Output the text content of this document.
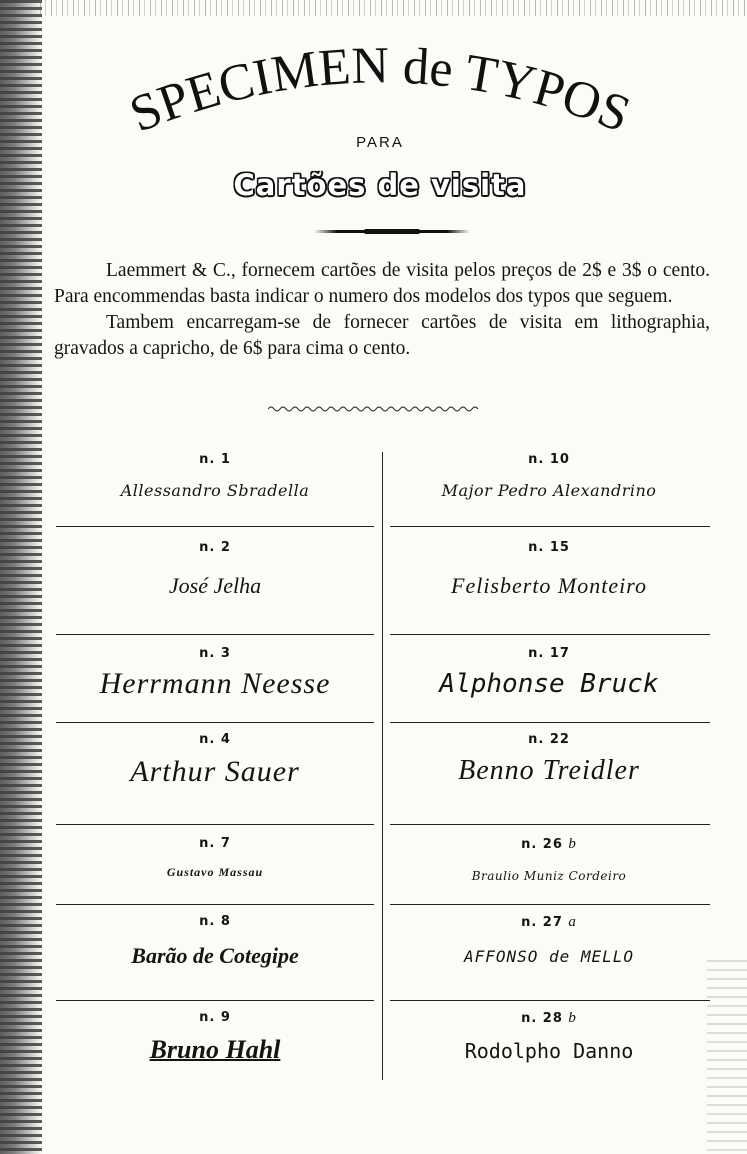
SPECIMEN de TYPOS
PARA
Cartões de visita

Laemmert & C., fornecem cartões de visita pelos preços de 2$ e 3$ o cento. Para encommendas basta indicar o numero dos modelos dos typos que seguem.

Tambem encarregam-se de fornecer cartões de visita em lithographia, gravados a capricho, de 6$ para cima o cento.

n. 1
Allessandro Sbradella
n. 2
José Jelha
n. 3
Herrmann Neesse
n. 4
Arthur Sauer
n. 7
Gustavo Massau
n. 8
Barão de Cotegipe
n. 9
Bruno Hahl
n. 10
Major Pedro Alexandrino
n. 15
Felisberto Monteiro
n. 17
Alphonse Bruck
n. 22
Benno Treidler
n. 26 b
Braulio Muniz Cordeiro
n. 27 a
AFFONSO de MELLO
n. 28 b
Rodolpho Danno
